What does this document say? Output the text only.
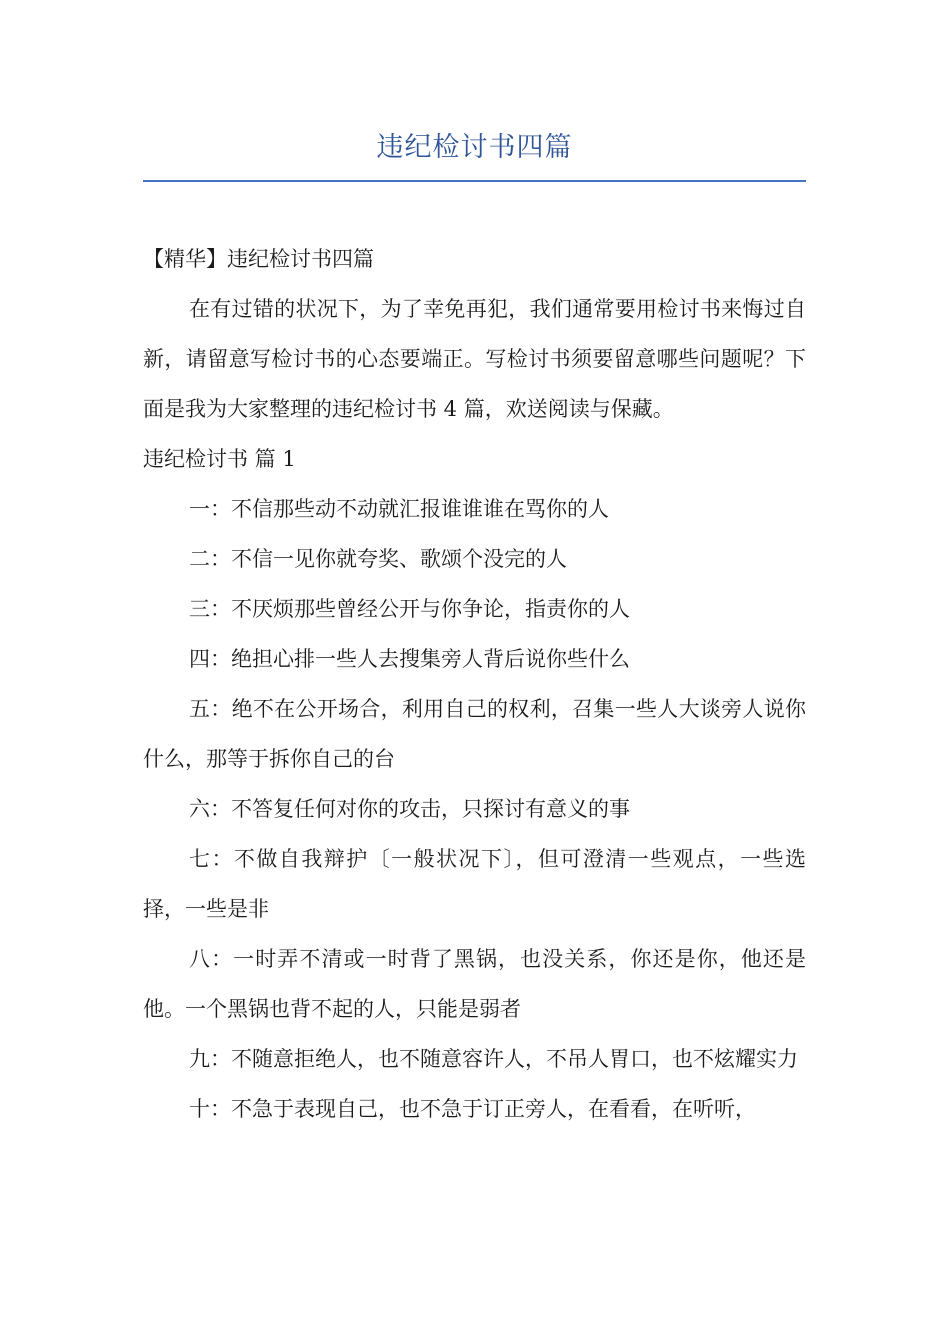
违纪检讨书四篇

【精华】违纪检讨书四篇

在有过错的状况下，为了幸免再犯，我们通常要用检讨书来悔过自新，请留意写检讨书的心态要端正。写检讨书须要留意哪些问题呢？下面是我为大家整理的违纪检讨书 4 篇，欢送阅读与保藏。

违纪检讨书 篇 1

一：不信那些动不动就汇报谁谁谁在骂你的人

二：不信一见你就夸奖、歌颂个没完的人

三：不厌烦那些曾经公开与你争论，指责你的人

四：绝担心排一些人去搜集旁人背后说你些什么

五：绝不在公开场合，利用自己的权利，召集一些人大谈旁人说你什么，那等于拆你自己的台

六：不答复任何对你的攻击，只探讨有意义的事

七：不做自我辩护〔一般状况下〕，但可澄清一些观点，一些选择，一些是非

八：一时弄不清或一时背了黑锅，也没关系，你还是你，他还是他。一个黑锅也背不起的人，只能是弱者

九：不随意拒绝人，也不随意容许人，不吊人胃口，也不炫耀实力

十：不急于表现自己，也不急于订正旁人，在看看，在听听，
